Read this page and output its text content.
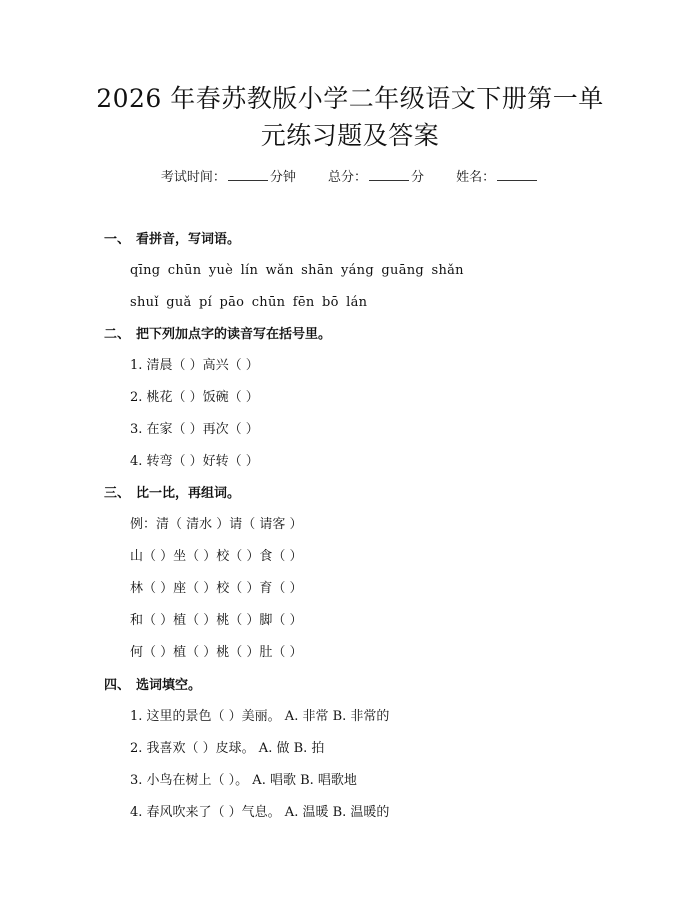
2026 年春苏教版小学二年级语文下册第一单
元练习题及答案
考试时间：	分钟 总分：	分 姓名：
一、 看拼音，写词语。
qīng chūn yuè lín wǎn shān yáng guāng shǎn
shuǐ guǎ pí pāo chūn fēn bō lán
二、 把下列加点字的读音写在括号里。
1. 清晨（ ）高兴（ ）
2. 桃花（ ）饭碗（ ）
3. 在家（ ）再次（ ）
4. 转弯（ ）好转（ ）
三、 比一比，再组词。
例：清（ 清水 ）请（ 请客 ）
山（ ）坐（ ）校（ ）食（ ）
林（ ）座（ ）校（ ）育（ ）
和（ ）植（ ）桃（ ）脚（ ）
何（ ）植（ ）桃（ ）肚（ ）
四、 选词填空。
1. 这里的景色（ ）美丽。 A. 非常 B. 非常的
2. 我喜欢（ ）皮球。 A. 做 B. 拍
3. 小鸟在树上（ ）。 A. 唱歌 B. 唱歌地
4. 春风吹来了（ ）气息。 A. 温暖 B. 温暖的
